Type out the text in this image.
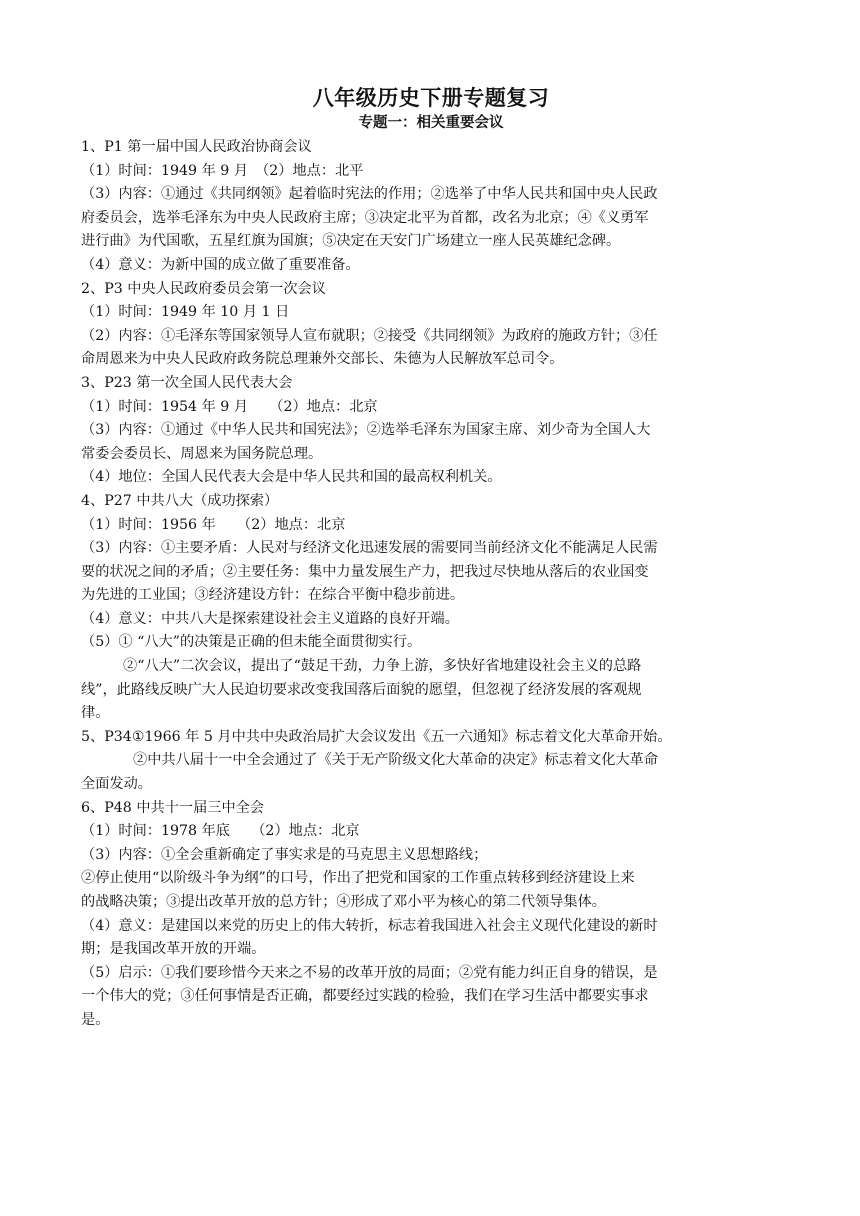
八年级历史下册专题复习
专题一：相关重要会议

1、P1 第一届中国人民政治协商会议

（1）时间：1949 年 9 月　（2）地点：北平

（3）内容：①通过《共同纲领》起着临时宪法的作用；②选举了中华人民共和国中央人民政

府委员会，选举毛泽东为中央人民政府主席；③决定北平为首都，改名为北京；④《义勇军

进行曲》为代国歌，五星红旗为国旗；⑤决定在天安门广场建立一座人民英雄纪念碑。

（4）意义：为新中国的成立做了重要准备。

2、P3 中央人民政府委员会第一次会议

（1）时间：1949 年 10 月 1 日

（2）内容：①毛泽东等国家领导人宣布就职；②接受《共同纲领》为政府的施政方针；③任

命周恩来为中央人民政府政务院总理兼外交部长、朱德为人民解放军总司令。

3、P23 第一次全国人民代表大会

（1）时间：1954 年 9 月　　（2）地点：北京

（3）内容：①通过《中华人民共和国宪法》；②选举毛泽东为国家主席、刘少奇为全国人大

常委会委员长、周恩来为国务院总理。

（4）地位：全国人民代表大会是中华人民共和国的最高权利机关。

4、P27 中共八大（成功探索）

（1）时间：1956 年　　（2）地点：北京

（3）内容：①主要矛盾：人民对与经济文化迅速发展的需要同当前经济文化不能满足人民需

要的状况之间的矛盾；②主要任务：集中力量发展生产力，把我过尽快地从落后的农业国变

为先进的工业国；③经济建设方针：在综合平衡中稳步前进。

（4）意义：中共八大是探索建设社会主义道路的良好开端。

（5）① “八大”的决策是正确的但未能全面贯彻实行。

②“八大”二次会议，提出了“鼓足干劲，力争上游，多快好省地建设社会主义的总路

线”，此路线反映广大人民迫切要求改变我国落后面貌的愿望，但忽视了经济发展的客观规

律。

5、P34①1966 年 5 月中共中央政治局扩大会议发出《五一六通知》标志着文化大革命开始。

②中共八届十一中全会通过了《关于无产阶级文化大革命的决定》标志着文化大革命

全面发动。

6、P48 中共十一届三中全会

（1）时间：1978 年底　　（2）地点：北京

（3）内容：①全会重新确定了事实求是的马克思主义思想路线；

②停止使用“以阶级斗争为纲”的口号，作出了把党和国家的工作重点转移到经济建设上来

的战略决策；③提出改革开放的总方针；④形成了邓小平为核心的第二代领导集体。

（4）意义：是建国以来党的历史上的伟大转折，标志着我国进入社会主义现代化建设的新时

期；是我国改革开放的开端。

（5）启示：①我们要珍惜今天来之不易的改革开放的局面；②党有能力纠正自身的错误，是

一个伟大的党；③任何事情是否正确，都要经过实践的检验，我们在学习生活中都要实事求

是。
